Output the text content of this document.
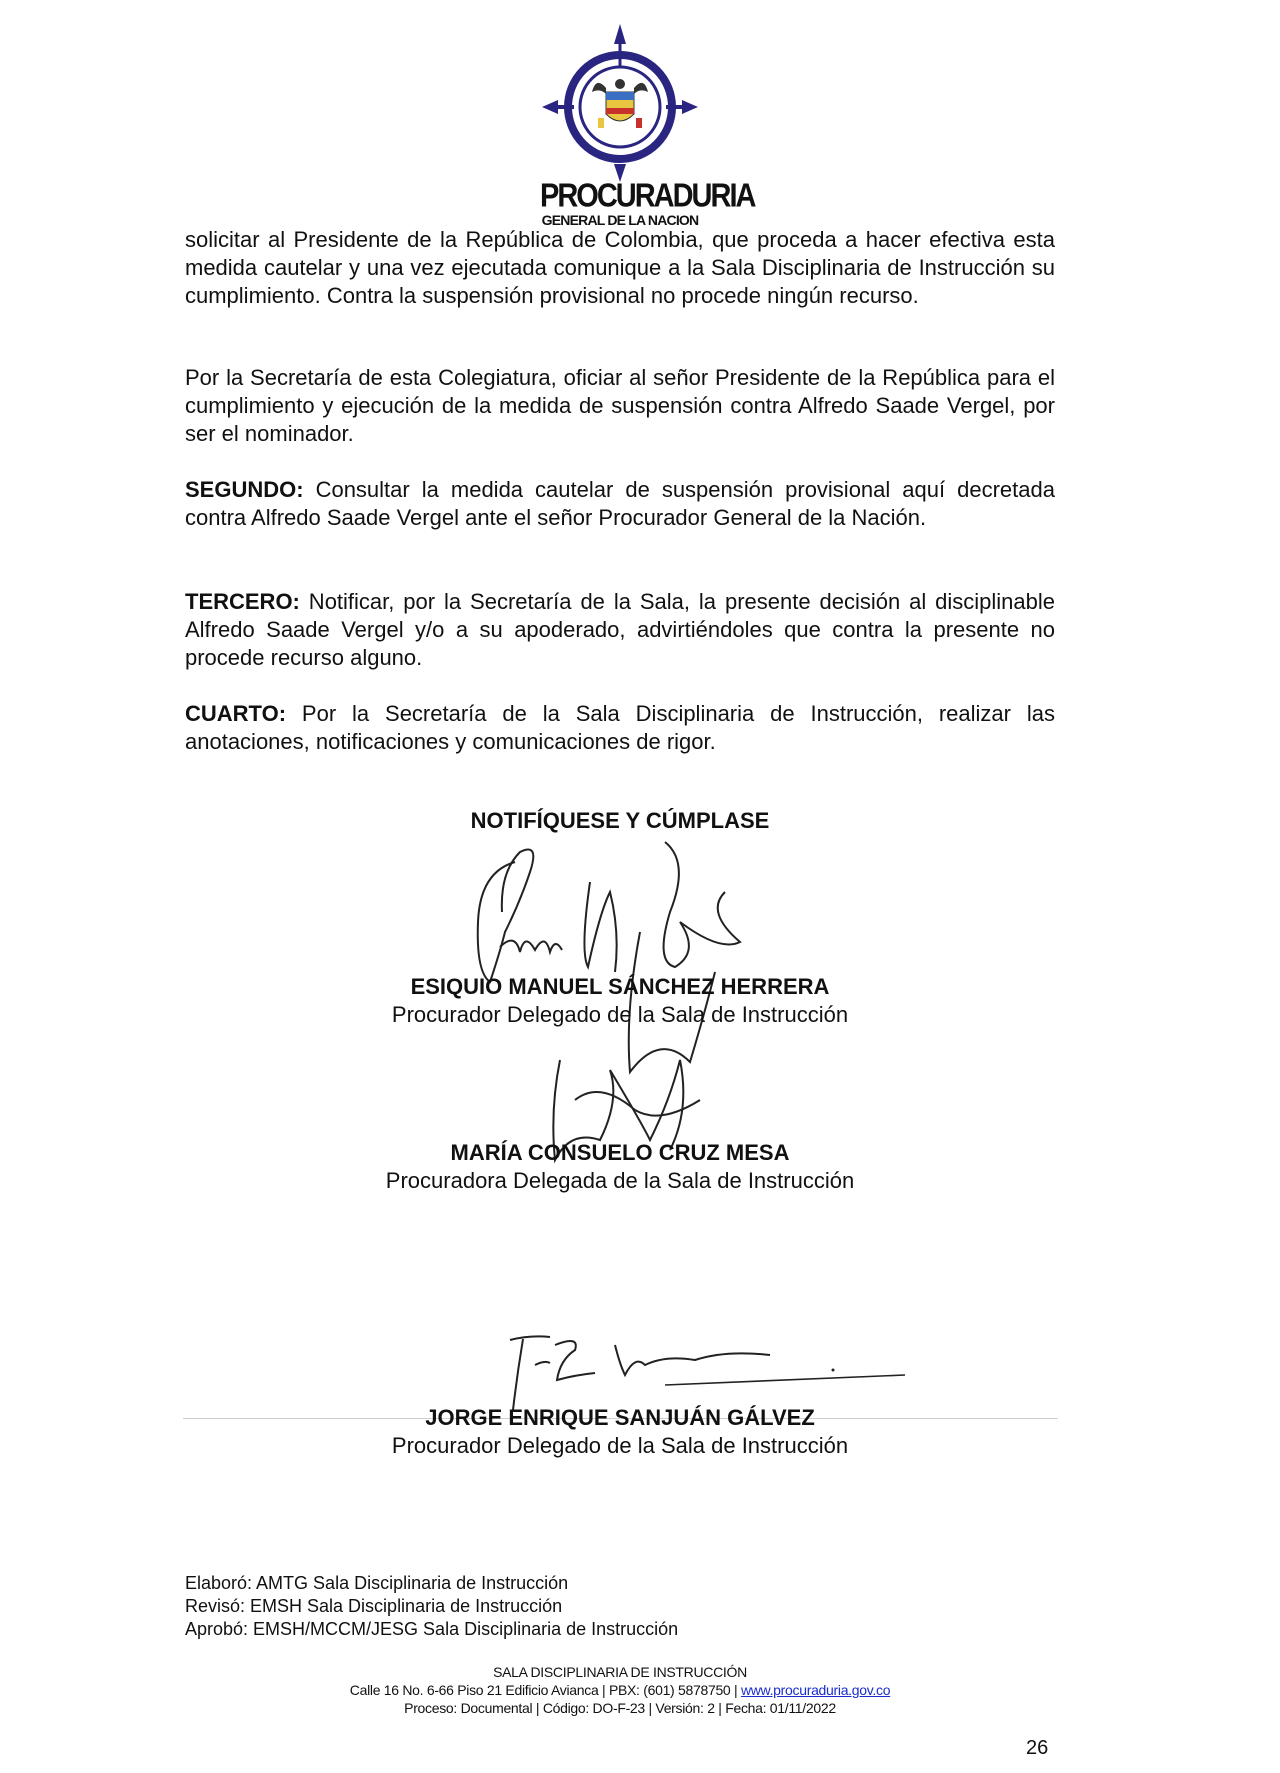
PROCURADURIA
GENERAL DE LA NACION

solicitar al Presidente de la República de Colombia, que proceda a hacer efectiva esta medida cautelar y una vez ejecutada comunique a la Sala Disciplinaria de Instrucción su cumplimiento. Contra la suspensión provisional no procede ningún recurso.

Por la Secretaría de esta Colegiatura, oficiar al señor Presidente de la República para el cumplimiento y ejecución de la medida de suspensión contra Alfredo Saade Vergel, por ser el nominador.

SEGUNDO: Consultar la medida cautelar de suspensión provisional aquí decretada contra Alfredo Saade Vergel ante el señor Procurador General de la Nación.

TERCERO: Notificar, por la Secretaría de la Sala, la presente decisión al disciplinable Alfredo Saade Vergel y/o a su apoderado, advirtiéndoles que contra la presente no procede recurso alguno.

CUARTO: Por la Secretaría de la Sala Disciplinaria de Instrucción, realizar las anotaciones, notificaciones y comunicaciones de rigor.

NOTIFÍQUESE Y CÚMPLASE
ESIQUIO MANUEL SÁNCHEZ HERRERA
Procurador Delegado de la Sala de Instrucción
MARÍA CONSUELO CRUZ MESA
Procuradora Delegada de la Sala de Instrucción
JORGE ENRIQUE SANJUÁN GÁLVEZ
Procurador Delegado de la Sala de Instrucción
Elaboró: AMTG Sala Disciplinaria de Instrucción
Revisó: EMSH Sala Disciplinaria de Instrucción
Aprobó: EMSH/MCCM/JESG Sala Disciplinaria de Instrucción
SALA DISCIPLINARIA DE INSTRUCCIÓN
Calle 16 No. 6-66 Piso 21 Edificio Avianca | PBX: (601) 5878750 | www.procuraduria.gov.co
Proceso: Documental | Código: DO-F-23 | Versión: 2 | Fecha: 01/11/2022
26
